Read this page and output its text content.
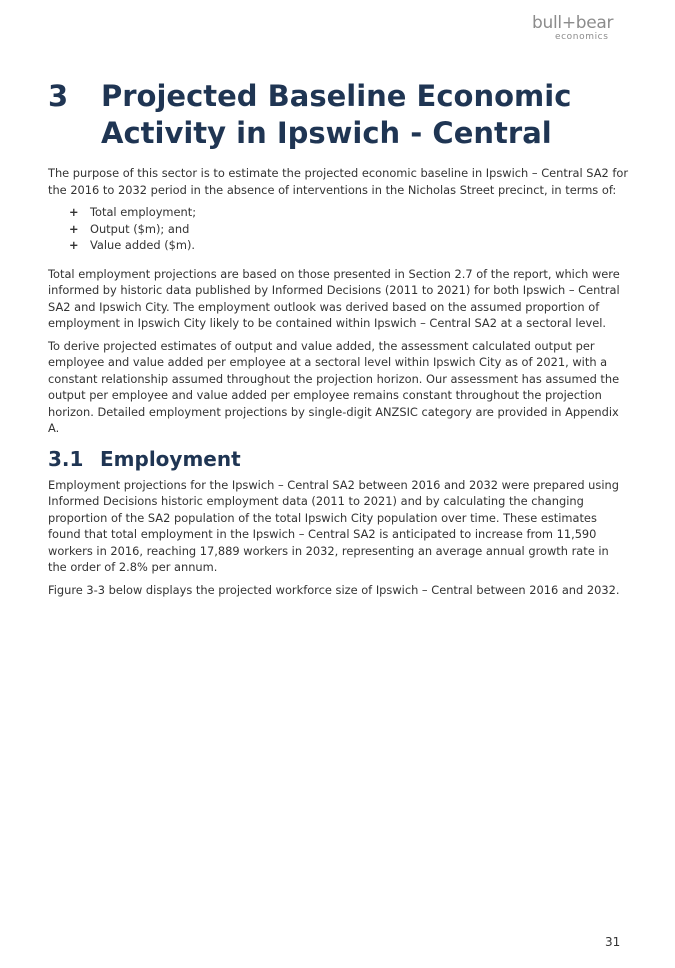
bull+bear
economics
3 Projected Baseline Economic Activity in Ipswich - Central

The purpose of this sector is to estimate the projected economic baseline in Ipswich – Central SA2 for the 2016 to 2032 period in the absence of interventions in the Nicholas Street precinct, in terms of:

+ Total employment;
+ Output ($m); and
+ Value added ($m).

Total employment projections are based on those presented in Section 2.7 of the report, which were informed by historic data published by Informed Decisions (2011 to 2021) for both Ipswich – Central SA2 and Ipswich City. The employment outlook was derived based on the assumed proportion of employment in Ipswich City likely to be contained within Ipswich – Central SA2 at a sectoral level.

To derive projected estimates of output and value added, the assessment calculated output per employee and value added per employee at a sectoral level within Ipswich City as of 2021, with a constant relationship assumed throughout the projection horizon. Our assessment has assumed the output per employee and value added per employee remains constant throughout the projection horizon. Detailed employment projections by single-digit ANZSIC category are provided in Appendix A.

3.1 Employment

Employment projections for the Ipswich – Central SA2 between 2016 and 2032 were prepared using Informed Decisions historic employment data (2011 to 2021) and by calculating the changing proportion of the SA2 population of the total Ipswich City population over time. These estimates found that total employment in the Ipswich – Central SA2 is anticipated to increase from 11,590 workers in 2016, reaching 17,889 workers in 2032, representing an average annual growth rate in the order of 2.8% per annum.

Figure 3-3 below displays the projected workforce size of Ipswich – Central between 2016 and 2032.

31
